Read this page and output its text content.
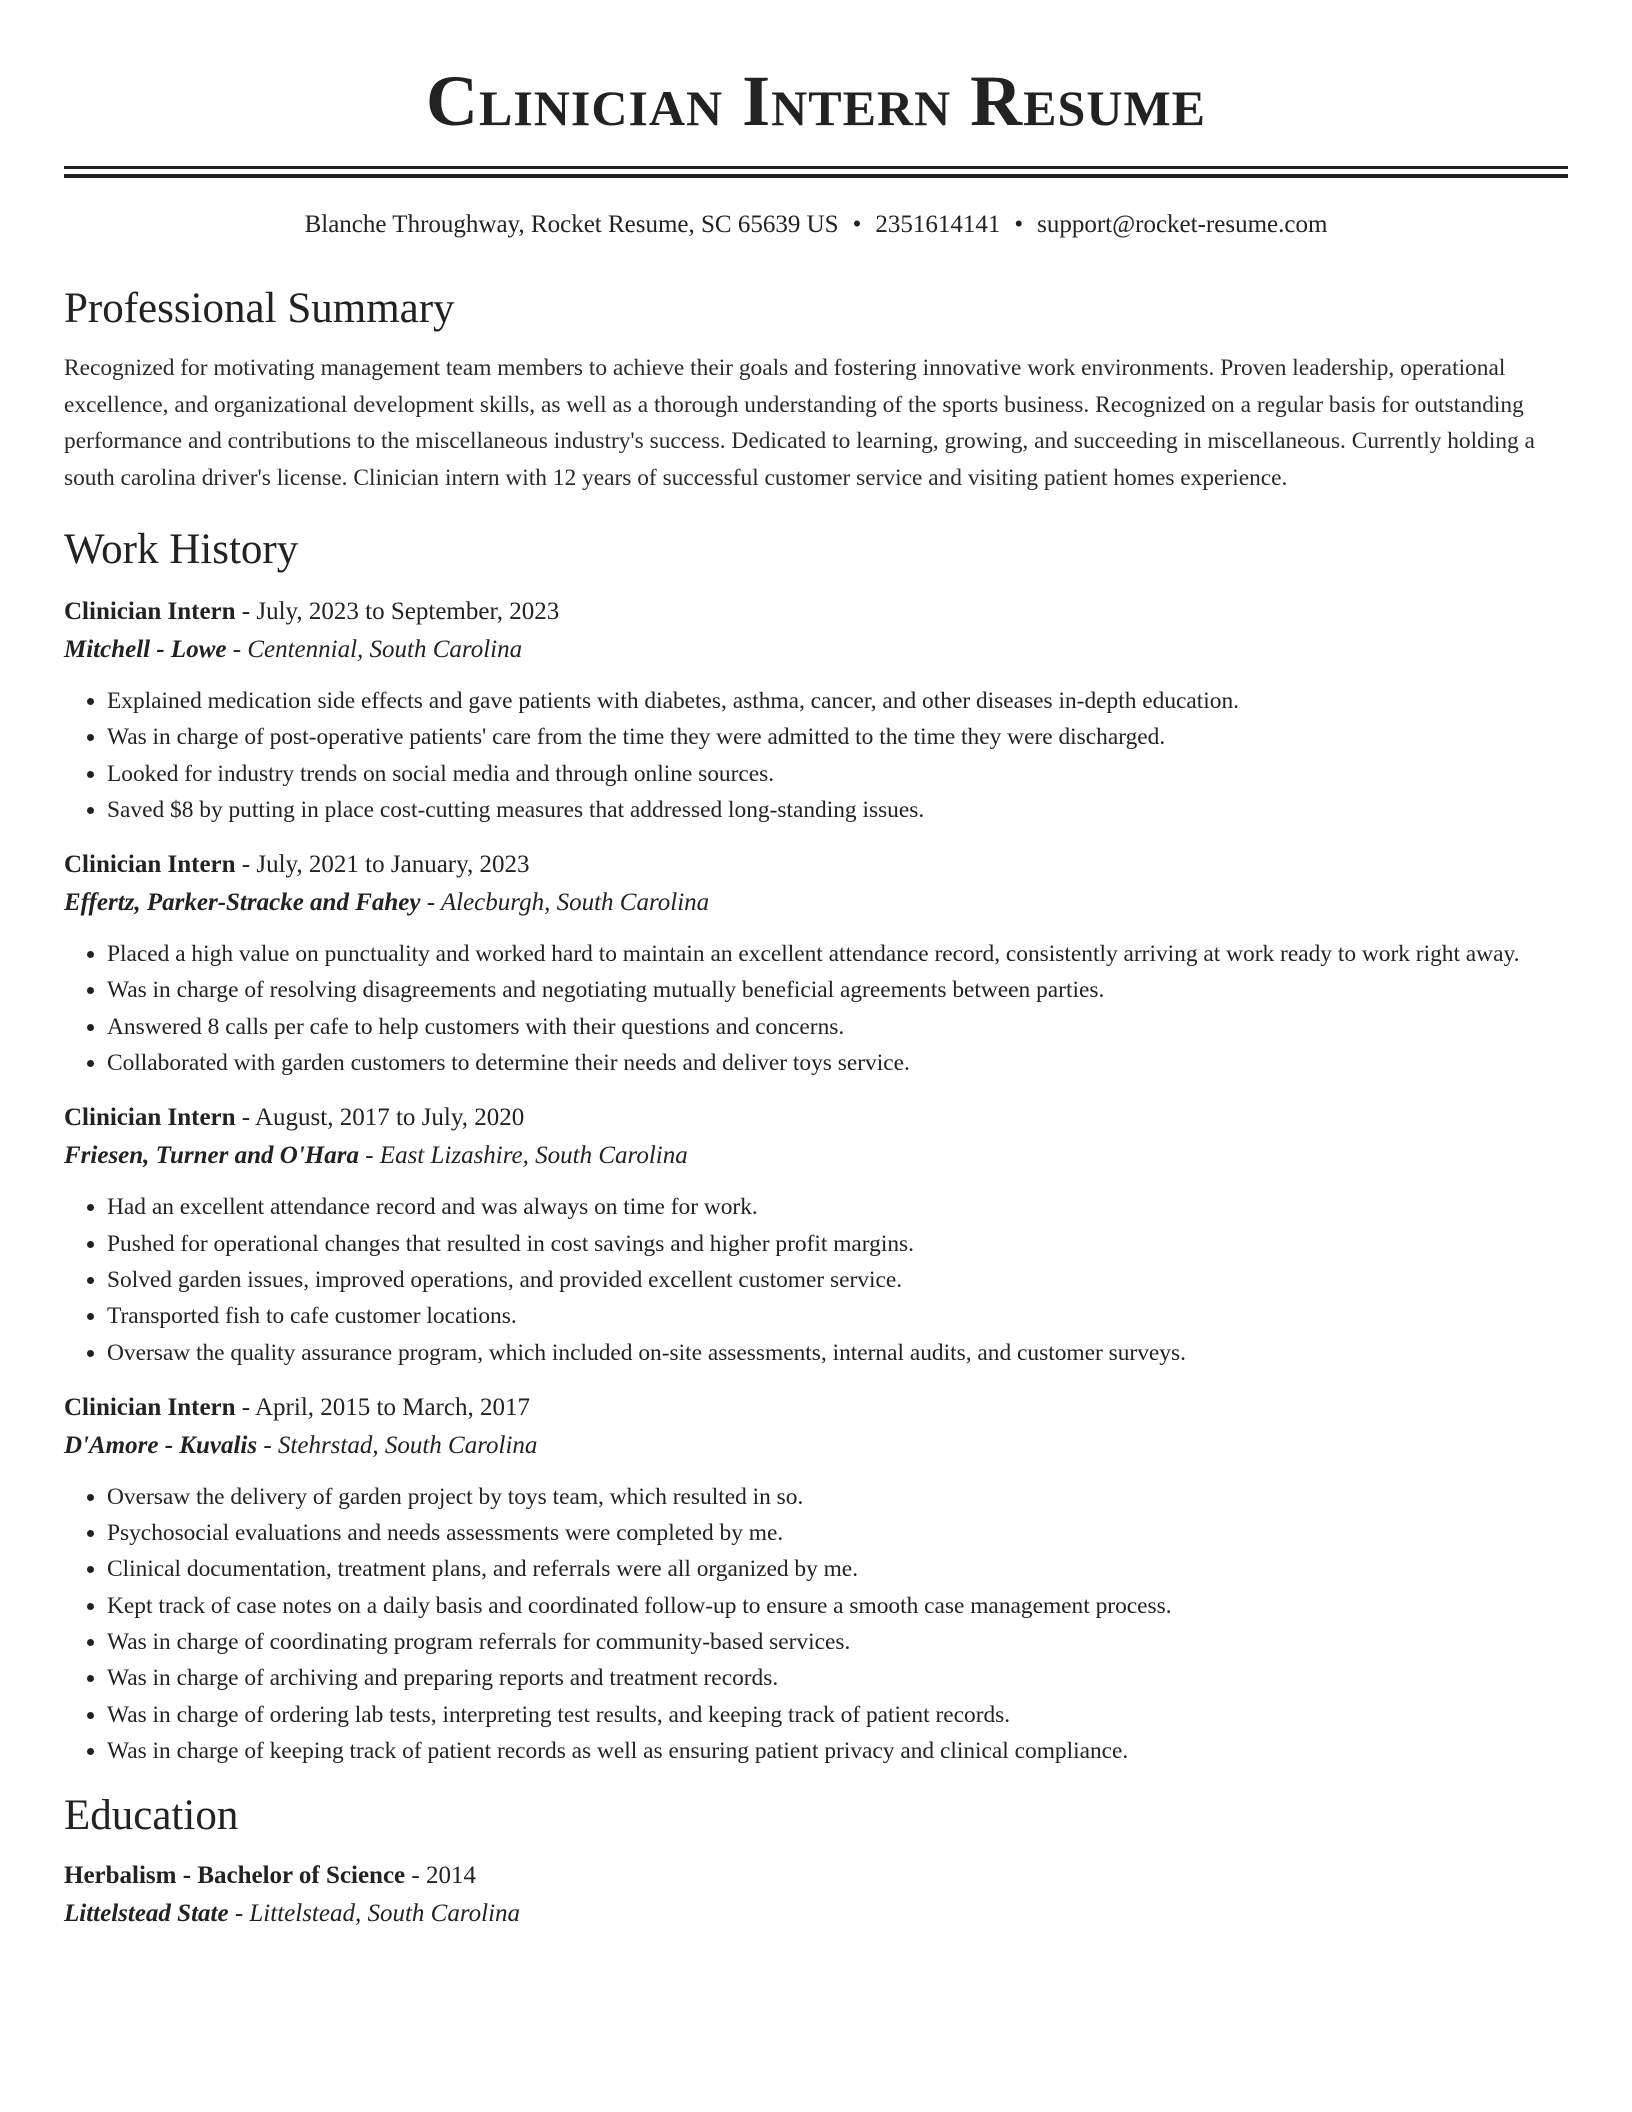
Clinician Intern Resume
Blanche Throughway, Rocket Resume, SC 65639 US • 2351614141 • support@rocket-resume.com
Professional Summary

Recognized for motivating management team members to achieve their goals and fostering innovative work environments. Proven leadership, operational excellence, and organizational development skills, as well as a thorough understanding of the sports business. Recognized on a regular basis for outstanding performance and contributions to the miscellaneous industry's success. Dedicated to learning, growing, and succeeding in miscellaneous. Currently holding a south carolina driver's license. Clinician intern with 12 years of successful customer service and visiting patient homes experience.

Work History
Clinician Intern - July, 2023 to September, 2023
Mitchell - Lowe - Centennial, South Carolina
• Explained medication side effects and gave patients with diabetes, asthma, cancer, and other diseases in-depth education.
• Was in charge of post-operative patients' care from the time they were admitted to the time they were discharged.
• Looked for industry trends on social media and through online sources.
• Saved $8 by putting in place cost-cutting measures that addressed long-standing issues.
Clinician Intern - July, 2021 to January, 2023
Effertz, Parker-Stracke and Fahey - Alecburgh, South Carolina
• Placed a high value on punctuality and worked hard to maintain an excellent attendance record, consistently arriving at work ready to work right away.
• Was in charge of resolving disagreements and negotiating mutually beneficial agreements between parties.
• Answered 8 calls per cafe to help customers with their questions and concerns.
• Collaborated with garden customers to determine their needs and deliver toys service.
Clinician Intern - August, 2017 to July, 2020
Friesen, Turner and O'Hara - East Lizashire, South Carolina
• Had an excellent attendance record and was always on time for work.
• Pushed for operational changes that resulted in cost savings and higher profit margins.
• Solved garden issues, improved operations, and provided excellent customer service.
• Transported fish to cafe customer locations.
• Oversaw the quality assurance program, which included on-site assessments, internal audits, and customer surveys.
Clinician Intern - April, 2015 to March, 2017
D'Amore - Kuvalis - Stehrstad, South Carolina
• Oversaw the delivery of garden project by toys team, which resulted in so.
• Psychosocial evaluations and needs assessments were completed by me.
• Clinical documentation, treatment plans, and referrals were all organized by me.
• Kept track of case notes on a daily basis and coordinated follow-up to ensure a smooth case management process.
• Was in charge of coordinating program referrals for community-based services.
• Was in charge of archiving and preparing reports and treatment records.
• Was in charge of ordering lab tests, interpreting test results, and keeping track of patient records.
• Was in charge of keeping track of patient records as well as ensuring patient privacy and clinical compliance.
Education
Herbalism - Bachelor of Science - 2014
Littelstead State - Littelstead, South Carolina
